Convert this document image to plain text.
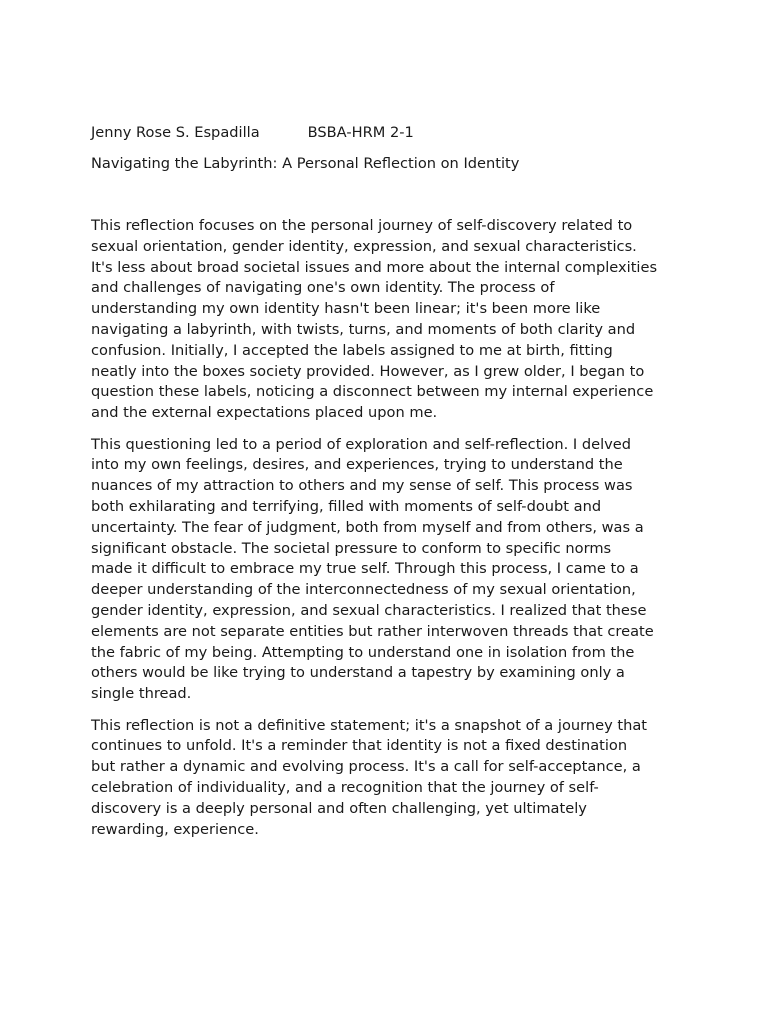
Jenny Rose S. Espadilla	BSBA-HRM 2-1
Navigating the Labyrinth: A Personal Reflection on Identity

This reflection focuses on the personal journey of self-discovery related to
sexual orientation, gender identity, expression, and sexual characteristics.
It's less about broad societal issues and more about the internal complexities
and challenges of navigating one's own identity. The process of
understanding my own identity hasn't been linear; it's been more like
navigating a labyrinth, with twists, turns, and moments of both clarity and
confusion. Initially, I accepted the labels assigned to me at birth, fitting
neatly into the boxes society provided. However, as I grew older, I began to
question these labels, noticing a disconnect between my internal experience
and the external expectations placed upon me.

This questioning led to a period of exploration and self-reflection. I delved
into my own feelings, desires, and experiences, trying to understand the
nuances of my attraction to others and my sense of self. This process was
both exhilarating and terrifying, filled with moments of self-doubt and
uncertainty. The fear of judgment, both from myself and from others, was a
significant obstacle. The societal pressure to conform to specific norms
made it difficult to embrace my true self. Through this process, I came to a
deeper understanding of the interconnectedness of my sexual orientation,
gender identity, expression, and sexual characteristics. I realized that these
elements are not separate entities but rather interwoven threads that create
the fabric of my being. Attempting to understand one in isolation from the
others would be like trying to understand a tapestry by examining only a
single thread.

This reflection is not a definitive statement; it's a snapshot of a journey that
continues to unfold. It's a reminder that identity is not a fixed destination
but rather a dynamic and evolving process. It's a call for self-acceptance, a
celebration of individuality, and a recognition that the journey of self-
discovery is a deeply personal and often challenging, yet ultimately
rewarding, experience.
